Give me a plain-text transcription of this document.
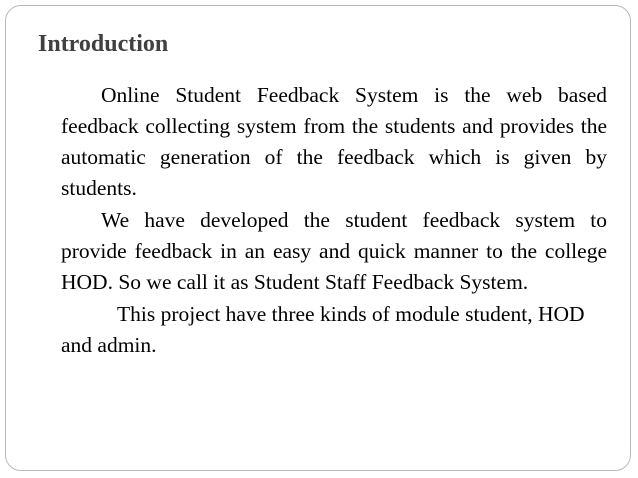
Introduction

Online Student Feedback System is the web based feedback collecting system from the students and provides the automatic generation of the feedback which is given by students.

We have developed the student feedback system to provide feedback in an easy and quick manner to the college HOD. So we call it as Student Staff Feedback System.

This project have three kinds of module student, HOD and admin.
